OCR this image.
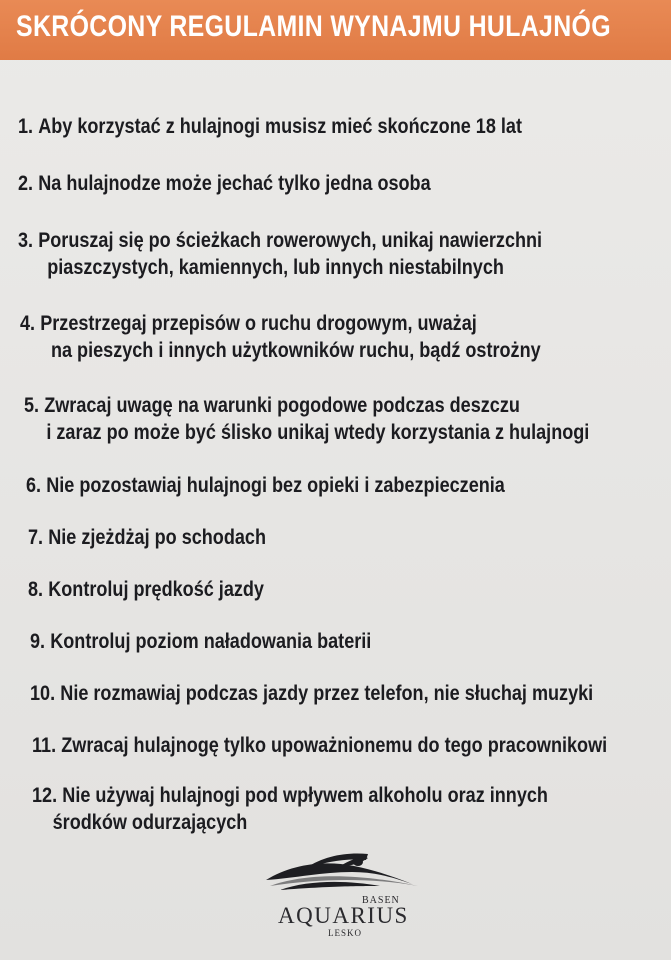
SKRÓCONY REGULAMIN WYNAJMU HULAJNÓG
1. Aby korzystać z hulajnogi musisz mieć skończone 18 lat
2. Na hulajnodze może jechać tylko jedna osoba
3. Poruszaj się po ścieżkach rowerowych, unikaj nawierzchni
piaszczystych, kamiennych, lub innych niestabilnych
4. Przestrzegaj przepisów o ruchu drogowym, uważaj
na pieszych i innych użytkowników ruchu, bądź ostrożny
5. Zwracaj uwagę na warunki pogodowe podczas deszczu
i zaraz po może być ślisko unikaj wtedy korzystania z hulajnogi
6. Nie pozostawiaj hulajnogi bez opieki i zabezpieczenia
7. Nie zjeżdżaj po schodach
8. Kontroluj prędkość jazdy
9. Kontroluj poziom naładowania baterii
10. Nie rozmawiaj podczas jazdy przez telefon, nie słuchaj muzyki
11. Zwracaj hulajnogę tylko upoważnionemu do tego pracownikowi
12. Nie używaj hulajnogi pod wpływem alkoholu oraz innych
środków odurzających
BASEN
AQUARIUS
LESKO
